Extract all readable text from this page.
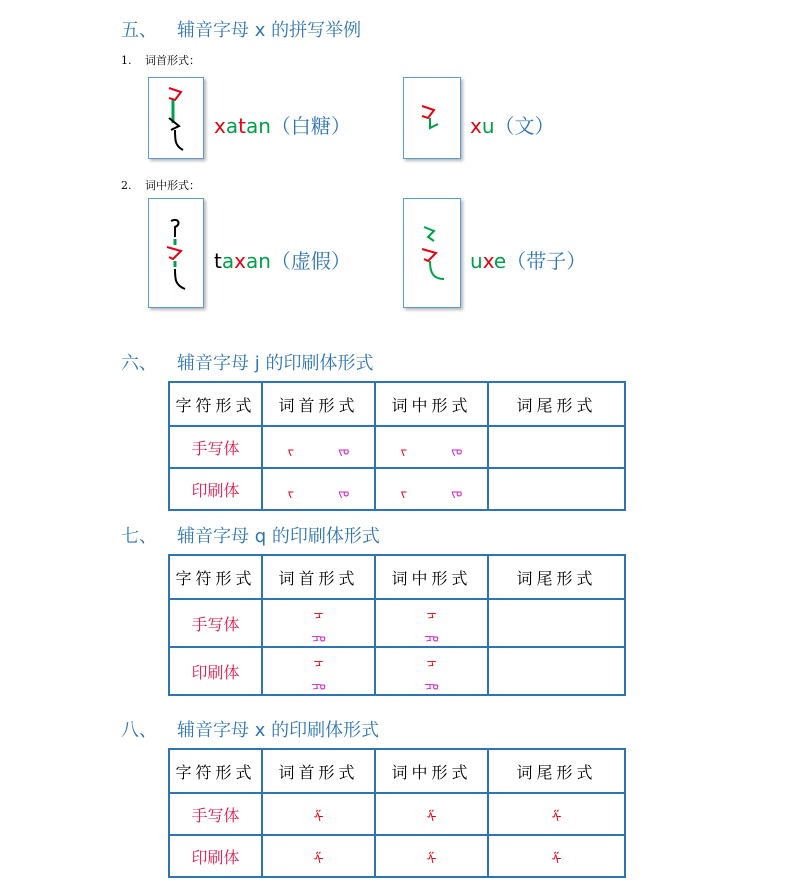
五、 辅音字母 x 的拼写举例
1. 词首形式：
xatan（白糖）	xu（文）
2. 词中形式：
taxan（虚假）	uxe（带子）
六、 辅音字母 j 的印刷体形式
字符形式	词首形式	词中形式	词尾形式
手写体	ᠵ ᠵᠣ	ᠵ ᠵᠣ	
印刷体	ᠵ ᠵᠣ	ᠵ ᠵᠣ	
七、 辅音字母 q 的印刷体形式
字符形式	词首形式	词中形式	词尾形式
手写体	ᠴᠴᠣ	ᠴᠴᠣ	
印刷体	ᠴᠴᠣ	ᠴᠴᠣ	
八、 辅音字母 x 的印刷体形式
字符形式	词首形式	词中形式	词尾形式
手写体	ᠱ	ᠱ	ᠱ
印刷体	ᠱ	ᠱ	ᠱ
